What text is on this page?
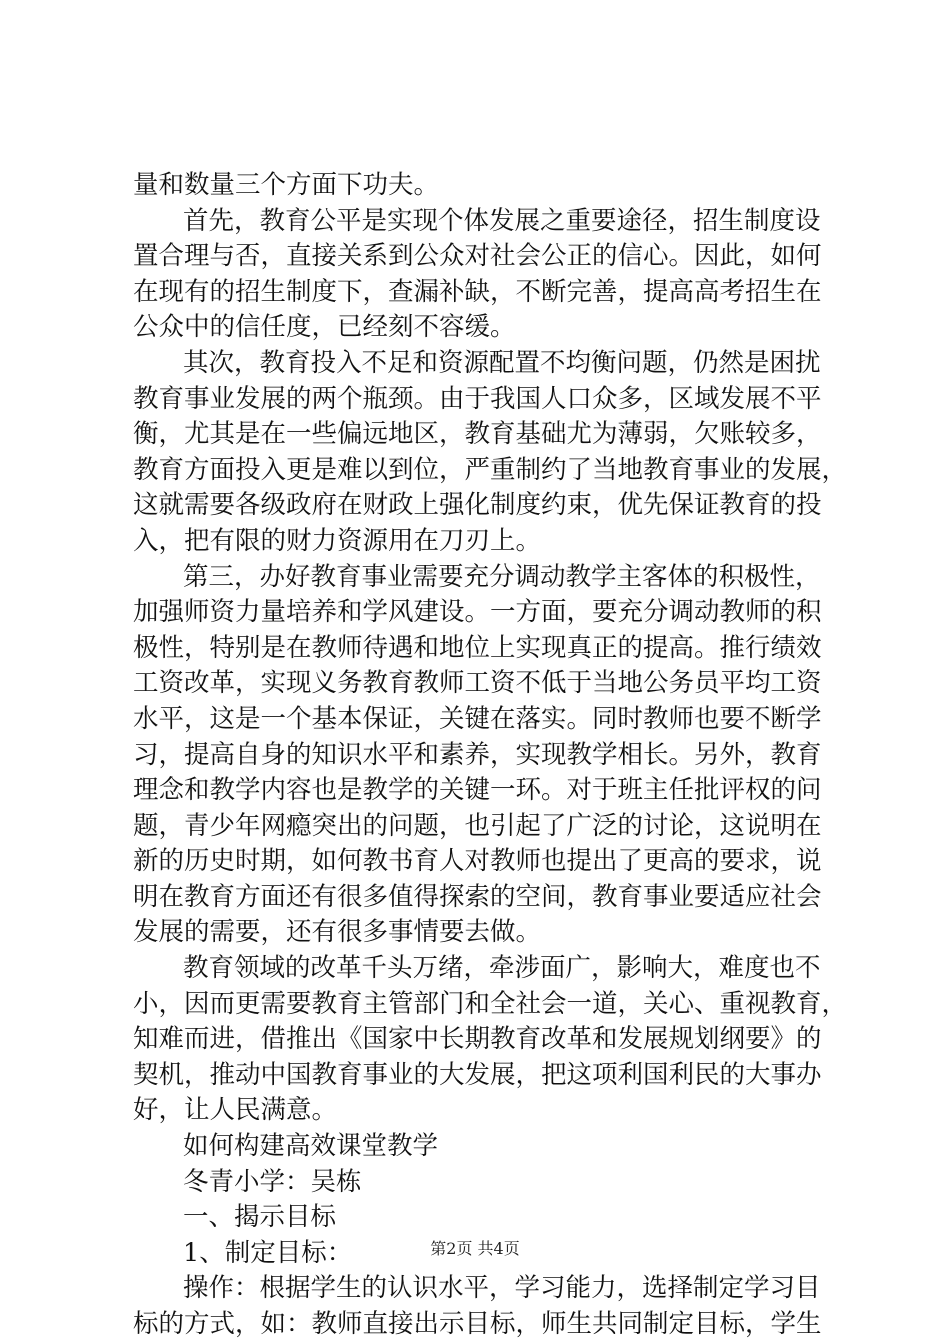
量和数量三个方面下功夫。
首先，教育公平是实现个体发展之重要途径，招生制度设
置合理与否，直接关系到公众对社会公正的信心。因此，如何
在现有的招生制度下，查漏补缺，不断完善，提高高考招生在
公众中的信任度，已经刻不容缓。
其次，教育投入不足和资源配置不均衡问题，仍然是困扰
教育事业发展的两个瓶颈。由于我国人口众多，区域发展不平
衡，尤其是在一些偏远地区，教育基础尤为薄弱，欠账较多，
教育方面投入更是难以到位，严重制约了当地教育事业的发展，
这就需要各级政府在财政上强化制度约束，优先保证教育的投
入，把有限的财力资源用在刀刃上。
第三，办好教育事业需要充分调动教学主客体的积极性，
加强师资力量培养和学风建设。一方面，要充分调动教师的积
极性，特别是在教师待遇和地位上实现真正的提高。推行绩效
工资改革，实现义务教育教师工资不低于当地公务员平均工资
水平，这是一个基本保证，关键在落实。同时教师也要不断学
习，提高自身的知识水平和素养，实现教学相长。另外，教育
理念和教学内容也是教学的关键一环。对于班主任批评权的问
题，青少年网瘾突出的问题，也引起了广泛的讨论，这说明在
新的历史时期，如何教书育人对教师也提出了更高的要求，说
明在教育方面还有很多值得探索的空间，教育事业要适应社会
发展的需要，还有很多事情要去做。
教育领域的改革千头万绪，牵涉面广，影响大，难度也不
小，因而更需要教育主管部门和全社会一道，关心、重视教育，
知难而进，借推出《国家中长期教育改革和发展规划纲要》的
契机，推动中国教育事业的大发展，把这项利国利民的大事办
好，让人民满意。
如何构建高效课堂教学
冬青小学：吴栋
一、揭示目标
1、制定目标：
操作：根据学生的认识水平，学习能力，选择制定学习目
标的方式，如：教师直接出示目标，师生共同制定目标，学生
第2页 共4页
